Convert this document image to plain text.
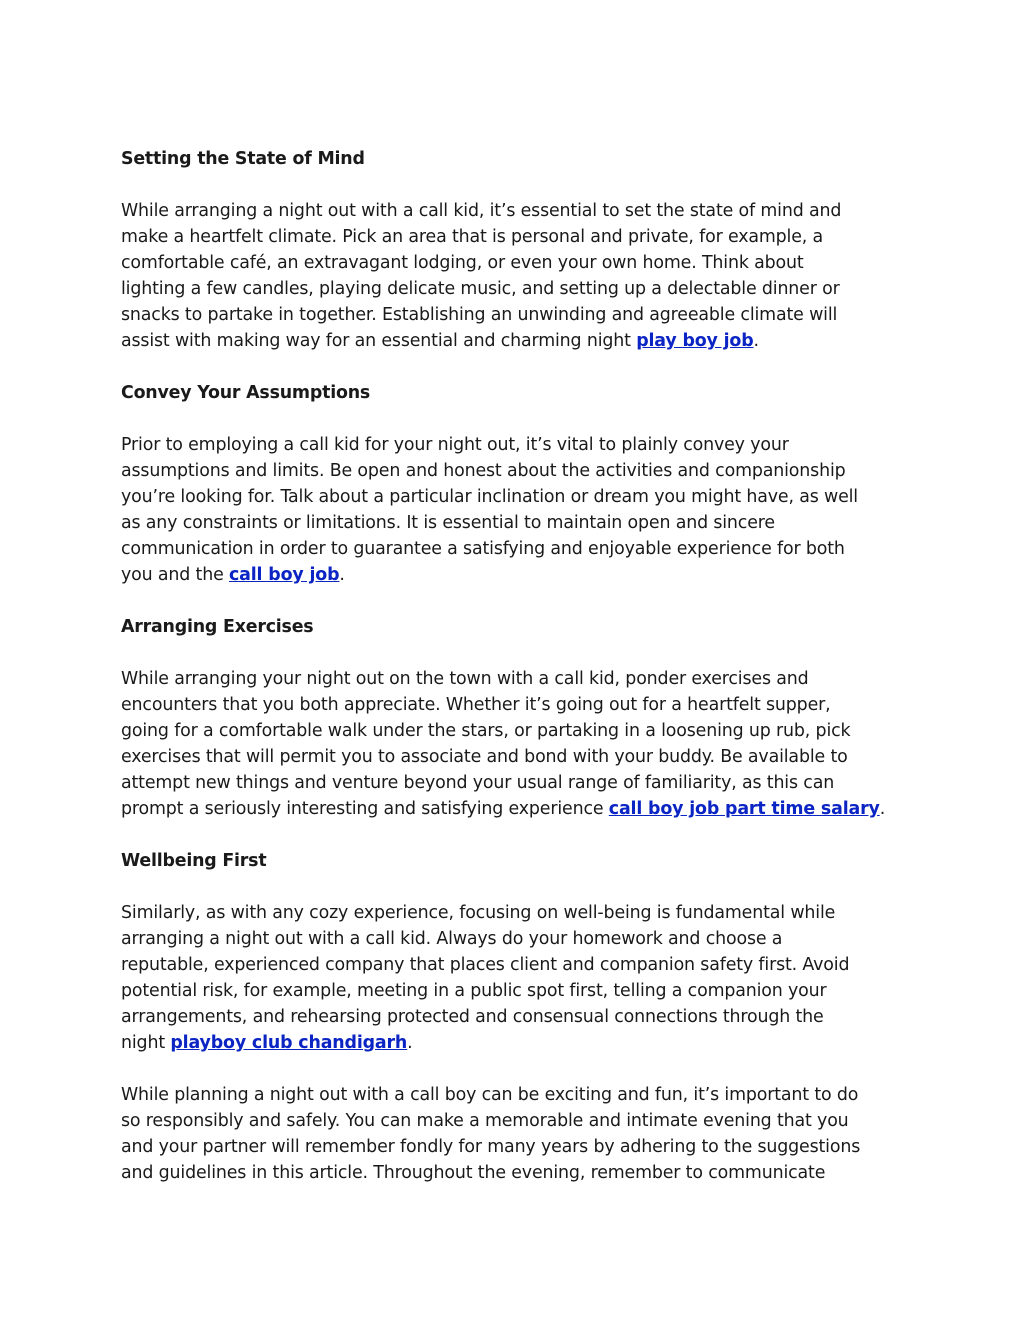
Setting the State of Mind
While arranging a night out with a call kid, it’s essential to set the state of mind and
make a heartfelt climate. Pick an area that is personal and private, for example, a
comfortable café, an extravagant lodging, or even your own home. Think about
lighting a few candles, playing delicate music, and setting up a delectable dinner or
snacks to partake in together. Establishing an unwinding and agreeable climate will
assist with making way for an essential and charming night play boy job.
Convey Your Assumptions
Prior to employing a call kid for your night out, it’s vital to plainly convey your
assumptions and limits. Be open and honest about the activities and companionship
you’re looking for. Talk about a particular inclination or dream you might have, as well
as any constraints or limitations. It is essential to maintain open and sincere
communication in order to guarantee a satisfying and enjoyable experience for both
you and the call boy job.
Arranging Exercises
While arranging your night out on the town with a call kid, ponder exercises and
encounters that you both appreciate. Whether it’s going out for a heartfelt supper,
going for a comfortable walk under the stars, or partaking in a loosening up rub, pick
exercises that will permit you to associate and bond with your buddy. Be available to
attempt new things and venture beyond your usual range of familiarity, as this can
prompt a seriously interesting and satisfying experience call boy job part time salary.
Wellbeing First
Similarly, as with any cozy experience, focusing on well-being is fundamental while
arranging a night out with a call kid. Always do your homework and choose a
reputable, experienced company that places client and companion safety first. Avoid
potential risk, for example, meeting in a public spot first, telling a companion your
arrangements, and rehearsing protected and consensual connections through the
night playboy club chandigarh.
While planning a night out with a call boy can be exciting and fun, it’s important to do
so responsibly and safely. You can make a memorable and intimate evening that you
and your partner will remember fondly for many years by adhering to the suggestions
and guidelines in this article. Throughout the evening, remember to communicate
